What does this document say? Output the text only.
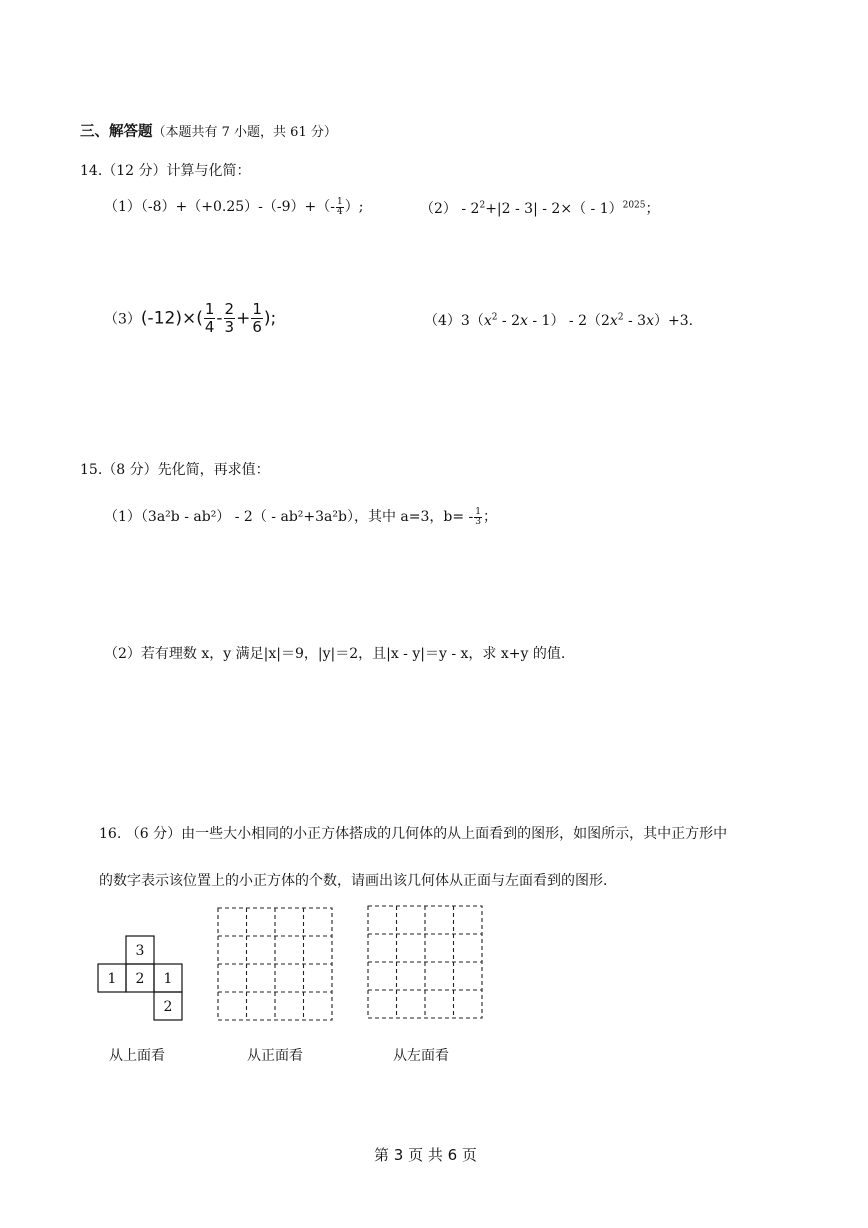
三、解答题（本题共有 7 小题，共 61 分）
14.（12 分）计算与化简：
$(1)(-8)+(+0.25)-(-9)+(- \frac{1}{4}$ ）;	$(2) - 2^2+|2 - 3| - 2\times( - 1)^{2025}$；
$(3)(-12)\times( \frac{1}{4} - \frac{2}{3} + \frac{1}{6}$ );	$(4)3(x^2 - 2x - 1) - 2(2x^2 - 3x)+3$.
15.（8 分）先化简，再求值：
（1）（3a²b - ab²） - 2（ - ab²+3a²b），其中 a=3，$b= - \frac{1}{3}$ ；
（2）若有理数 x，y 满足|x|＝9，|y|＝2，且|x - y|＝y - x，求 x+y 的值.
16. （6 分）由一些大小相同的小正方体搭成的几何体的从上面看到的图形，如图所示，其中正方形中
的数字表示该位置上的小正方体的个数，请画出该几何体从正面与左面看到的图形.
3
1 2 1
2
从上面看	从正面看	从左面看
第 3 页 共 6 页
